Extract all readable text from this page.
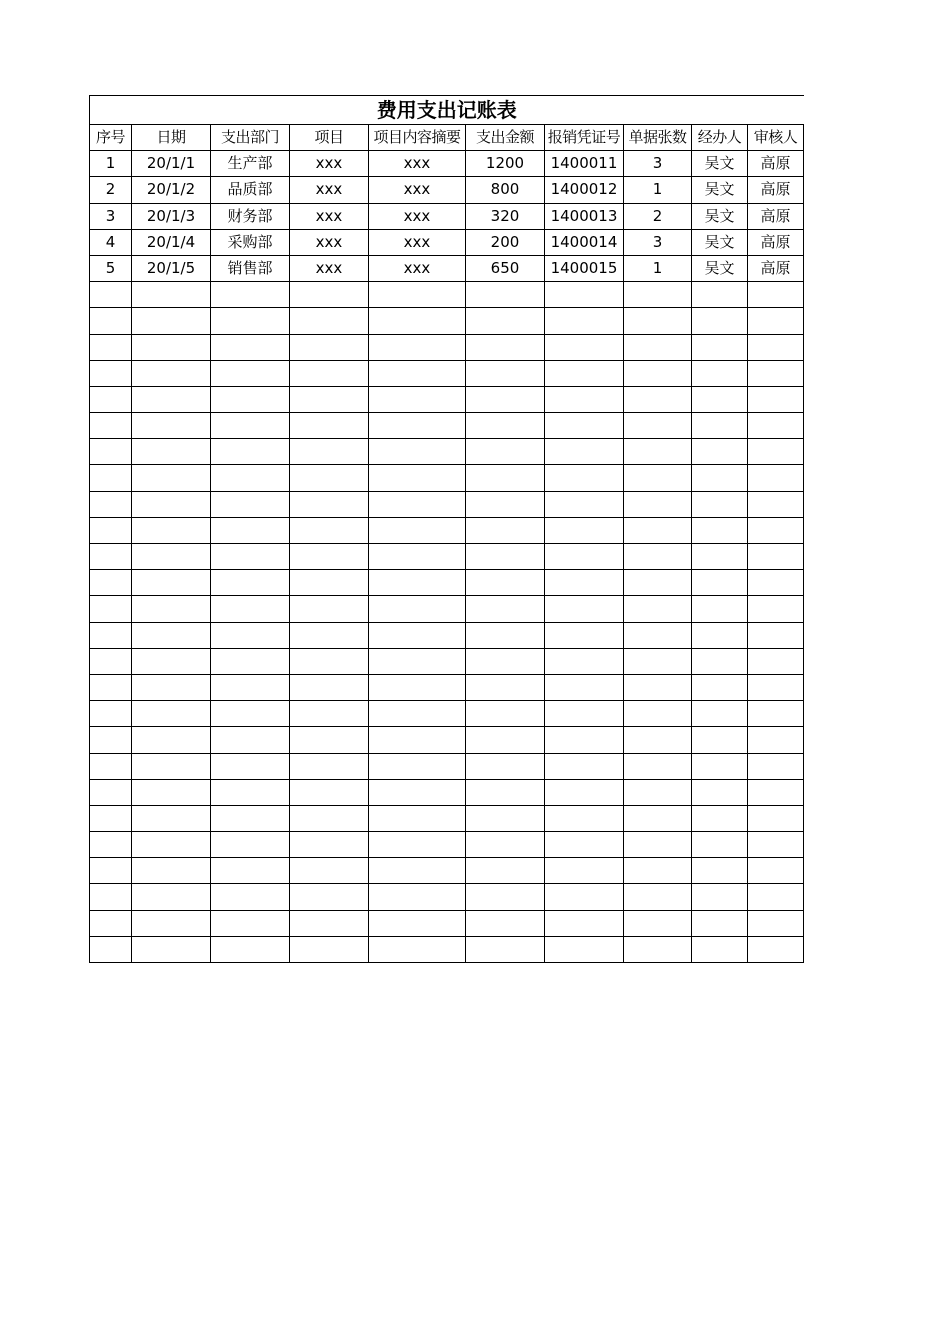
费用支出记账表									
序号	日期	支出部门	项目	项目内容摘要	支出金额	报销凭证号	单据张数	经办人	审核人
1	20/1/1	生产部	xxx	xxx	1200	1400011	3	吴文	高原
2	20/1/2	品质部	xxx	xxx	800	1400012	1	吴文	高原
3	20/1/3	财务部	xxx	xxx	320	1400013	2	吴文	高原
4	20/1/4	采购部	xxx	xxx	200	1400014	3	吴文	高原
5	20/1/5	销售部	xxx	xxx	650	1400015	1	吴文	高原
